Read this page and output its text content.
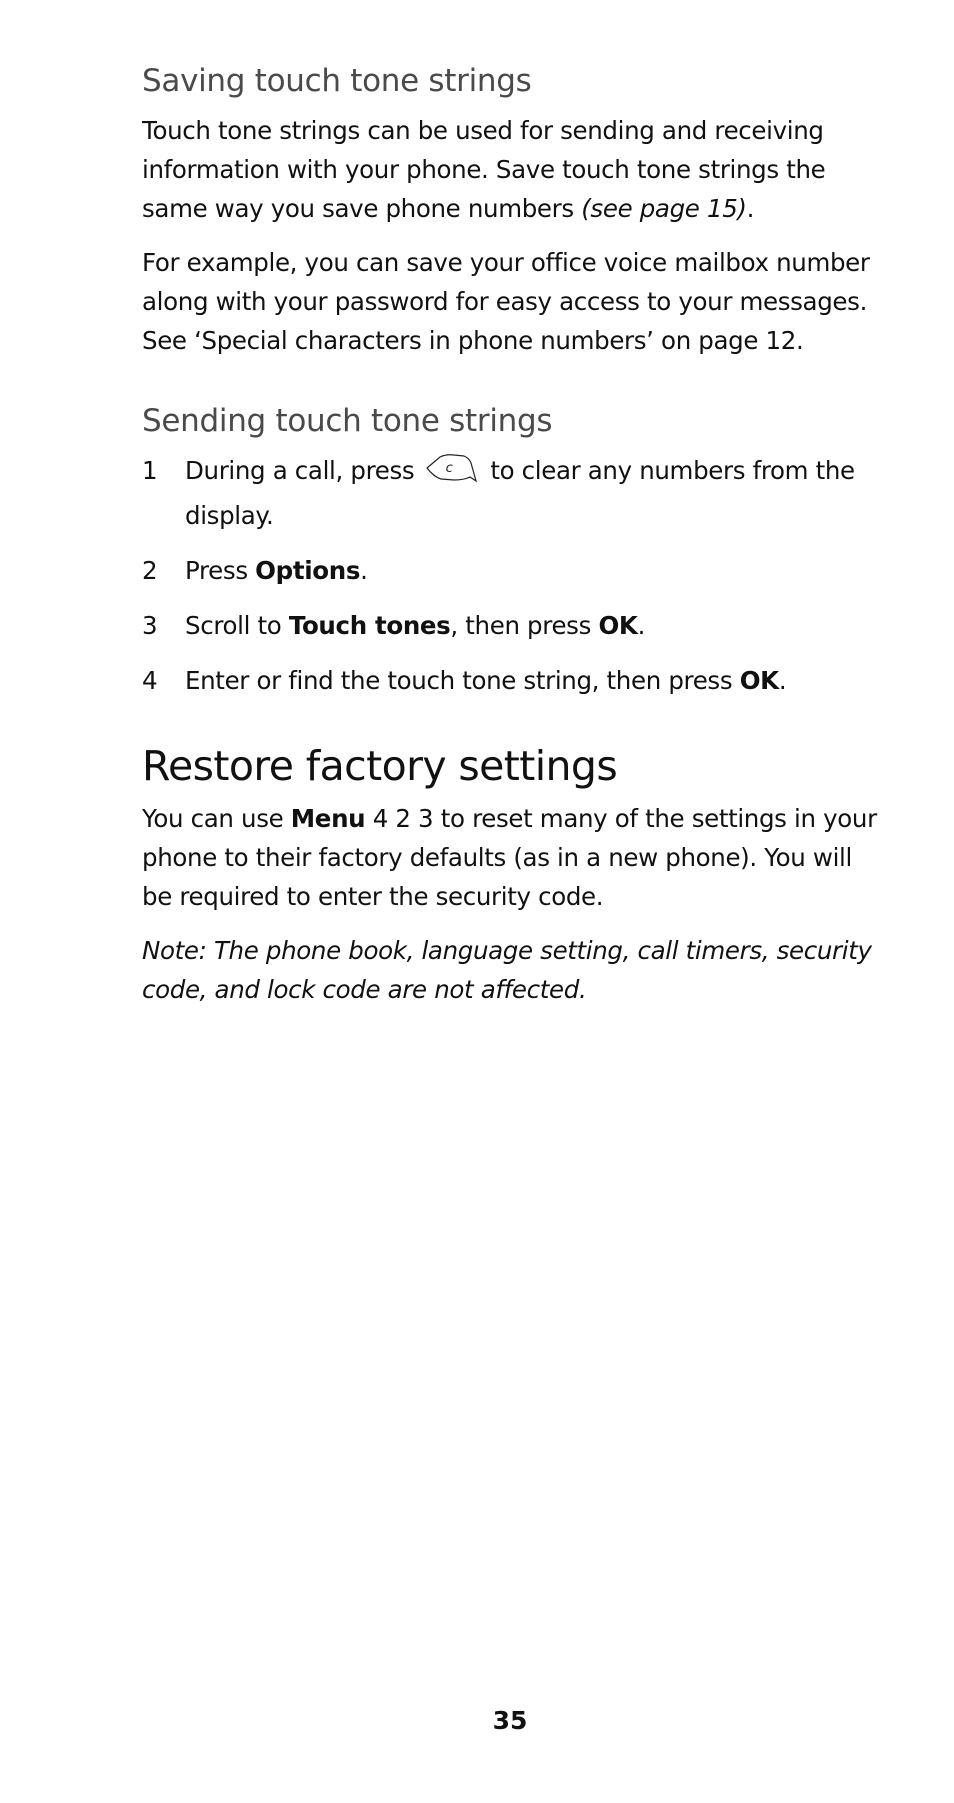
Saving touch tone strings

Touch tone strings can be used for sending and receiving information with your phone. Save touch tone strings the same way you save phone numbers (see page 15).

For example, you can save your office voice mailbox number along with your password for easy access to your messages. See ‘Special characters in phone numbers’ on page 12.

Sending touch tone strings
1	During a call, press c to clear any numbers from the display.
2	Press Options.
3	Scroll to Touch tones, then press OK.
4	Enter or find the touch tone string, then press OK.
Restore factory settings

You can use Menu 4 2 3 to reset many of the settings in your phone to their factory defaults (as in a new phone). You will be required to enter the security code.

Note: The phone book, language setting, call timers, security code, and lock code are not affected.

35
